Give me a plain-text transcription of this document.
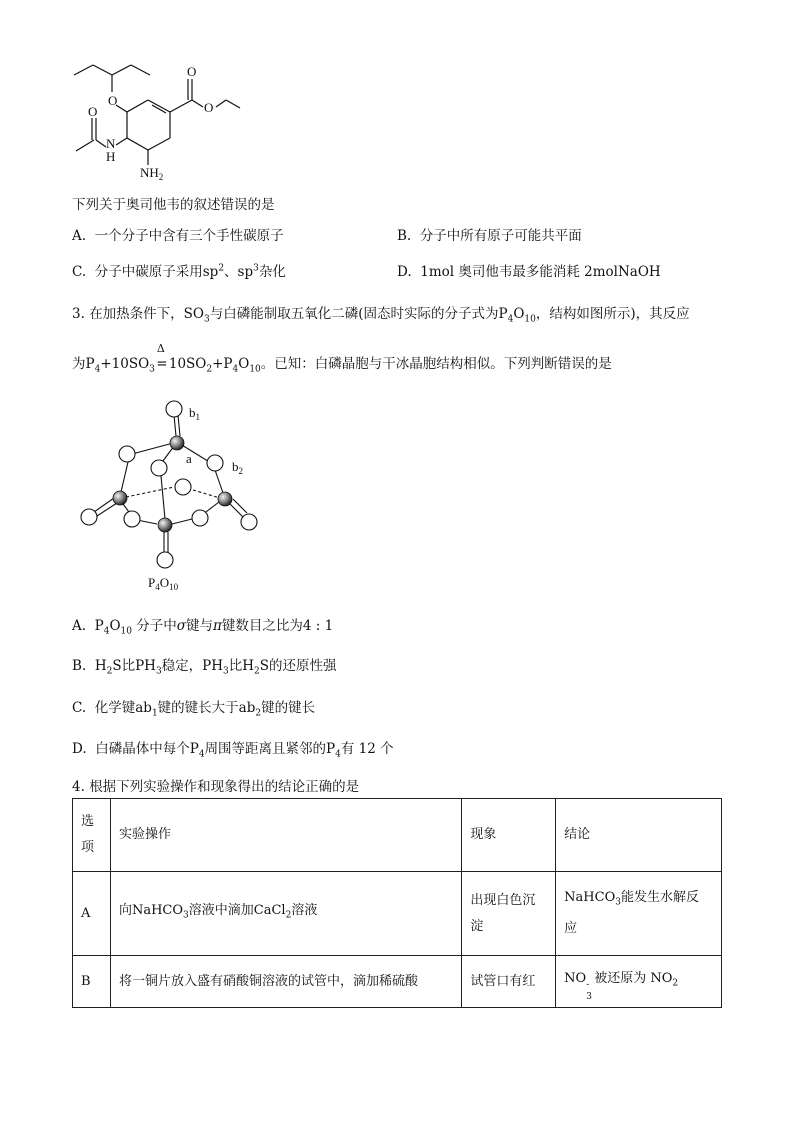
O
O
O
O
N
H
$NH_2$
下列关于奥司他韦的叙述错误的是
A. 一个分子中含有三个手性碳原子	B. 分子中所有原子可能共平面
C. 分子中碳原子采用$sp^2$、$sp^3$杂化	D. 1mol 奥司他韦最多能消耗 2molNaOH
3. 在加热条件下，$SO_3$与白磷能制取五氧化二磷(固态时实际的分子式为$P_4O_{10}$，结构如图所示)，其反应
为$P_4+10SO_3$
Δ
$=10SO_2+P_4O_{10}$。已知：白磷晶胞与干冰晶胞结构相似。下列判断错误的是
$b_1$
a
$b_2$
$P_4O_{10}$
A. $P_4O_{10}$ 分子中σ键与π键数目之比为4 : 1
B. $H_2S$比$PH_3$稳定，$PH_3$比$H_2S$的还原性强
C. 化学键$ab_1$键的键长大于$ab_2$键的键长
D. 白磷晶体中每个$P_4$周围等距离且紧邻的$P_4$有 12 个
4. 根据下列实验操作和现象得出的结论正确的是
选
项	实验操作	现象	结论
A	向NaHCO$_3$溶液中滴加CaCl$_2$溶液	出现白色沉
淀	NaHCO$_3$能发生水解反
应
B	将一铜片放入盛有硝酸铜溶液的试管中，滴加稀硫酸	试管口有红	NO -
3
被还原为 $NO_2$
